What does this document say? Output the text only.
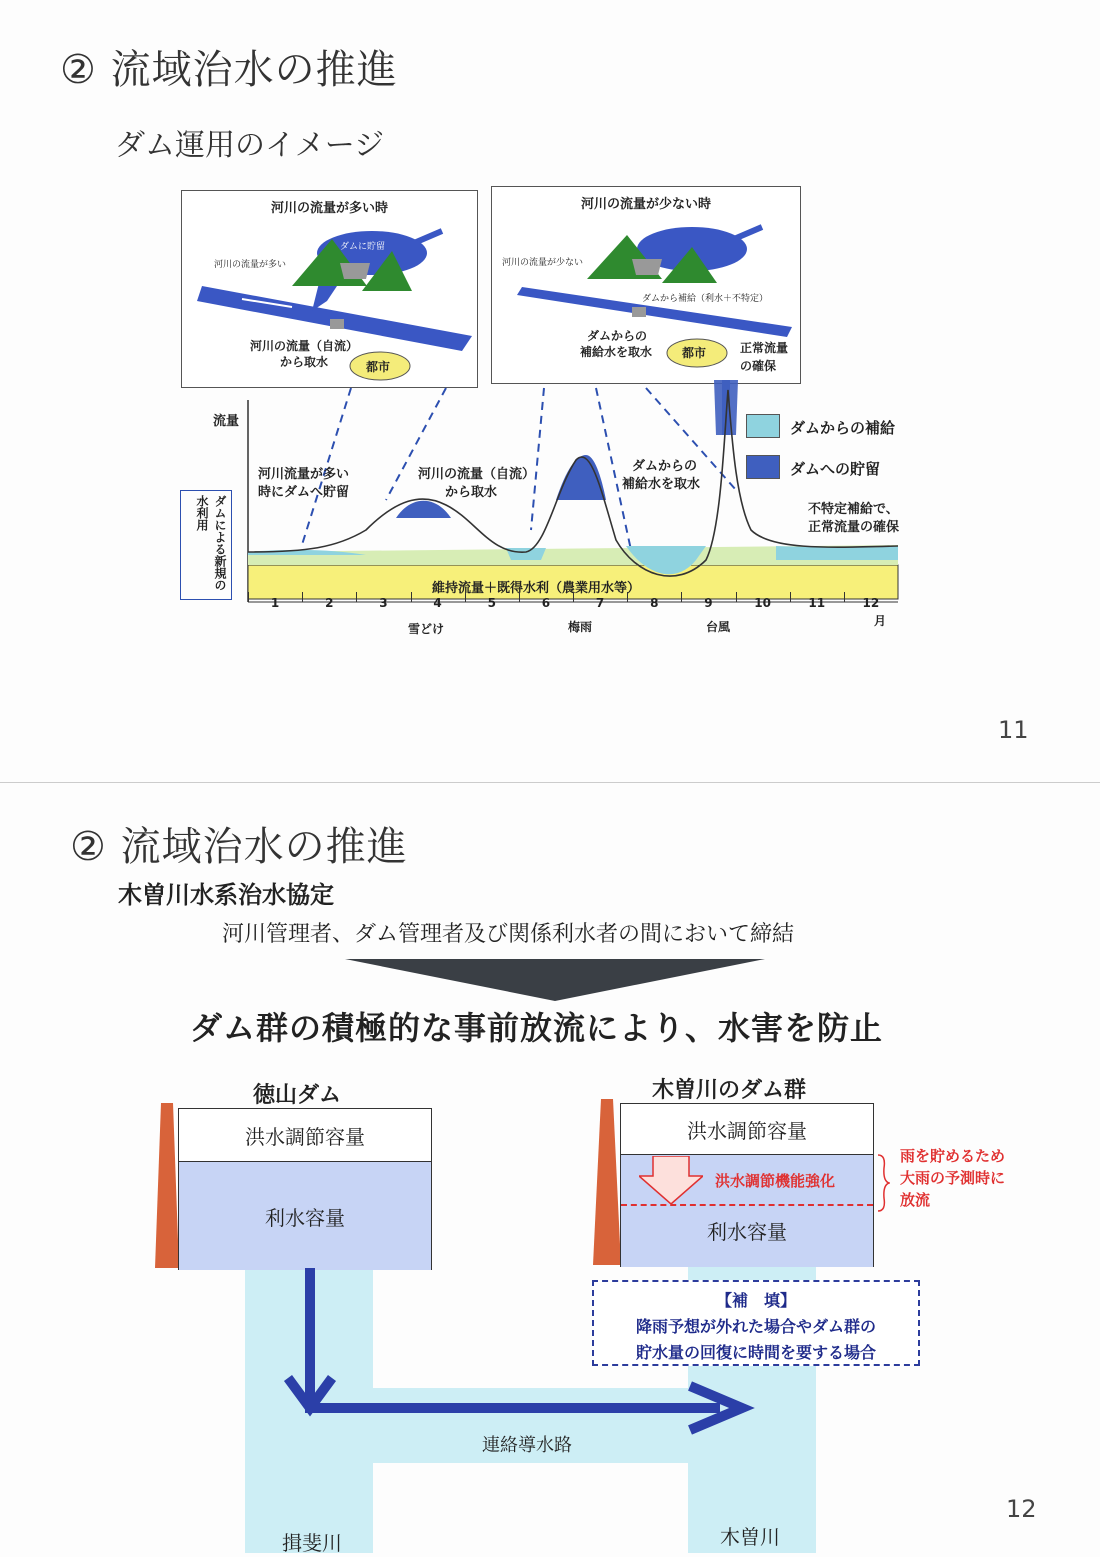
② 流域治水の推進
ダム運用のイメージ
河川の流量が多い時
河川の流量が多い
ダムに貯留
河川の流量（自流）
から取水	都市
河川の流量が少ない時
河川の流量が少ない
ダムから補給（利水＋不特定）
ダムからの
補給水を取水 都市	正常流量
の確保
流量
ダムによる新規の水利用
河川流量が多い
時にダムへ貯留
河川の流量（自流）
から取水
ダムからの
補給水を取水
不特定補給で、
正常流量の確保
ダムからの補給
ダムへの貯留
維持流量＋既得水利（農業用水等）
1	2	3	4	5	6	7	8	9	10	11	12
月
雪どけ	梅雨	台風
11
② 流域治水の推進
木曽川水系治水協定
河川管理者、ダム管理者及び関係利水者の間において締結
ダム群の積極的な事前放流により、水害を防止
徳山ダム
洪水調節容量
利水容量
木曽川のダム群
洪水調節容量
洪水調節機能強化
利水容量
雨を貯めるため
大雨の予測時に
放流
【補　填】
降雨予想が外れた場合やダム群の
貯水量の回復に時間を要する場合
連絡導水路
揖斐川	木曽川
12
